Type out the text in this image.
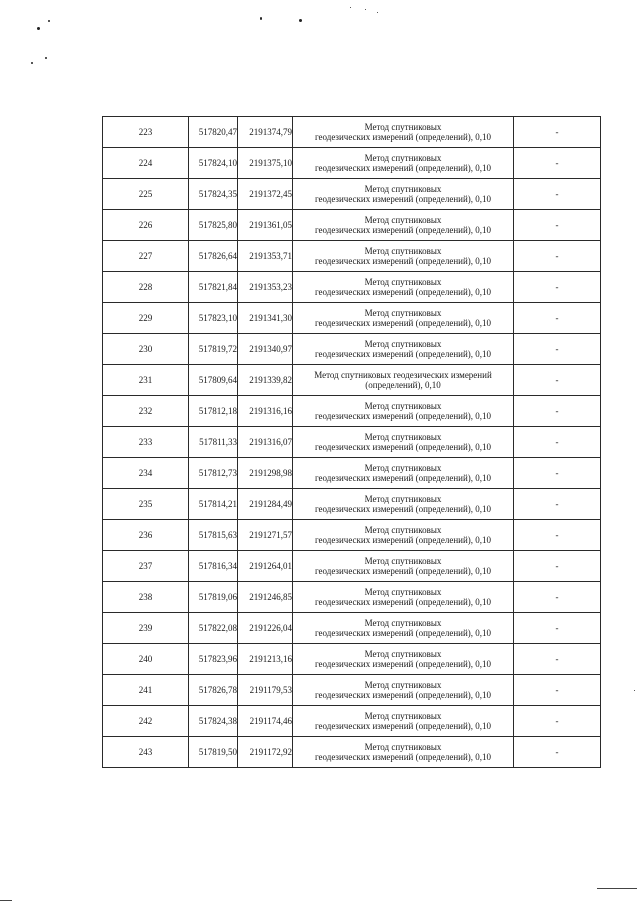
223	517820,47	2191374,79	Метод спутниковых
геодезических измерений (определений), 0,10	-
224	517824,10	2191375,10	Метод спутниковых
геодезических измерений (определений), 0,10	-
225	517824,35	2191372,45	Метод спутниковых
геодезических измерений (определений), 0,10	-
226	517825,80	2191361,05	Метод спутниковых
геодезических измерений (определений), 0,10	-
227	517826,64	2191353,71	Метод спутниковых
геодезических измерений (определений), 0,10	-
228	517821,84	2191353,23	Метод спутниковых
геодезических измерений (определений), 0,10	-
229	517823,10	2191341,30	Метод спутниковых
геодезических измерений (определений), 0,10	-
230	517819,72	2191340,97	Метод спутниковых
геодезических измерений (определений), 0,10	-
231	517809,64	2191339,82	Метод спутниковых геодезических измерений
(определений), 0,10	-
232	517812,18	2191316,16	Метод спутниковых
геодезических измерений (определений), 0,10	-
233	517811,33	2191316,07	Метод спутниковых
геодезических измерений (определений), 0,10	-
234	517812,73	2191298,98	Метод спутниковых
геодезических измерений (определений), 0,10	-
235	517814,21	2191284,49	Метод спутниковых
геодезических измерений (определений), 0,10	-
236	517815,63	2191271,57	Метод спутниковых
геодезических измерений (определений), 0,10	-
237	517816,34	2191264,01	Метод спутниковых
геодезических измерений (определений), 0,10	-
238	517819,06	2191246,85	Метод спутниковых
геодезических измерений (определений), 0,10	-
239	517822,08	2191226,04	Метод спутниковых
геодезических измерений (определений), 0,10	-
240	517823,96	2191213,16	Метод спутниковых
геодезических измерений (определений), 0,10	-
241	517826,78	2191179,53	Метод спутниковых
геодезических измерений (определений), 0,10	-
242	517824,38	2191174,46	Метод спутниковых
геодезических измерений (определений), 0,10	-
243	517819,50	2191172,92	Метод спутниковых
геодезических измерений (определений), 0,10	-
